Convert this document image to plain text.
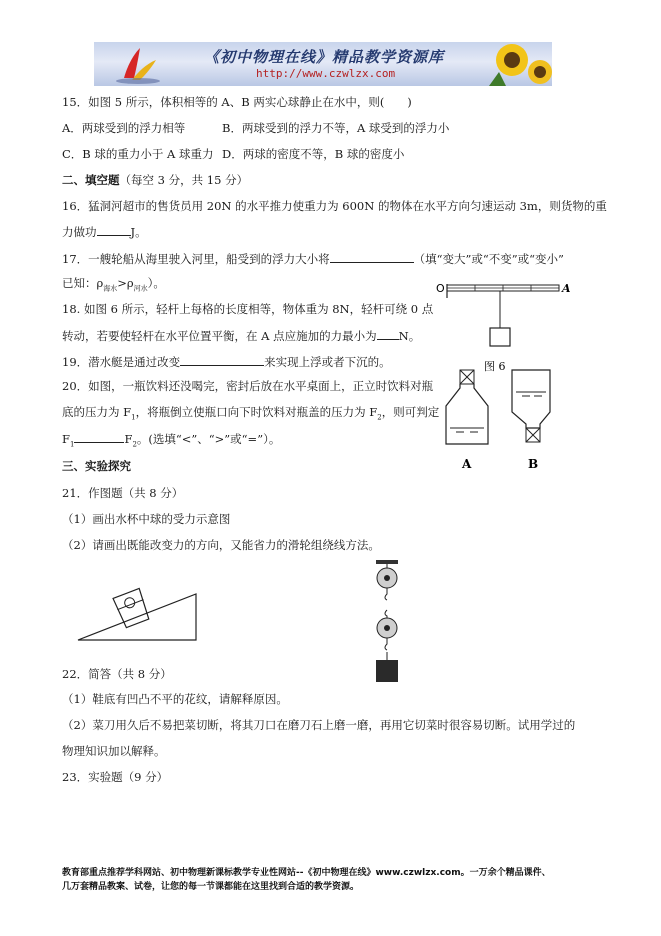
《初中物理在线》精品教学资源库
http://www.czwlzx.com
15．如图 5 所示，体积相等的 A、B 两实心球静止在水中，则(　　)
A．两球受到的浮力相等	B．两球受到的浮力不等，A 球受到的浮力小
C．B 球的重力小于 A 球重力 D．两球的密度不等，B 球的密度小
二、填空题（每空 3 分，共 15 分）
16．猛洞河超市的售货员用 20N 的水平推力使重力为 600N 的物体在水平方向匀速运动 3m，则货物的重
力做功	J。
17．一艘轮船从海里驶入河里，船受到的浮力大小将	（填“变大”或“不变”或“变小”
已知：$\rho_{海水}>\rho_{河水}$）。
18. 如图 6 所示，轻杆上每格的长度相等，物体重为 8N，轻杆可绕 0 点
转动，若要使轻杆在水平位置平衡，在 A 点应施加的力最小为 N。
19．潜水艇是通过改变	来实现上浮或者下沉的。
20．如图，一瓶饮料还没喝完，密封后放在水平桌面上，正立时饮料对瓶
底的压力为 $F_1$，将瓶倒立使瓶口向下时饮料对瓶盖的压力为 $F_2$，则可判定
$F_1$	$F_2$。(选填“<”、“>”或“=”）。
三、实验探究
21．作图题（共 8 分）
（1）画出水杯中球的受力示意图
（2）请画出既能改变力的方向，又能省力的滑轮组绕线方法。
22．简答（共 8 分）
（1）鞋底有凹凸不平的花纹，请解释原因。
（2）菜刀用久后不易把菜切断，将其刀口在磨刀石上磨一磨，再用它切菜时很容易切断。试用学过的
物理知识加以解释。
23．实验题（9 分）
O	A
图 6
A	B
教育部重点推荐学科网站、初中物理新课标教学专业性网站--《初中物理在线》www.czwlzx.com。一万余个精品课件、
几万套精品教案、试卷，让您的每一节课都能在这里找到合适的教学资源。
